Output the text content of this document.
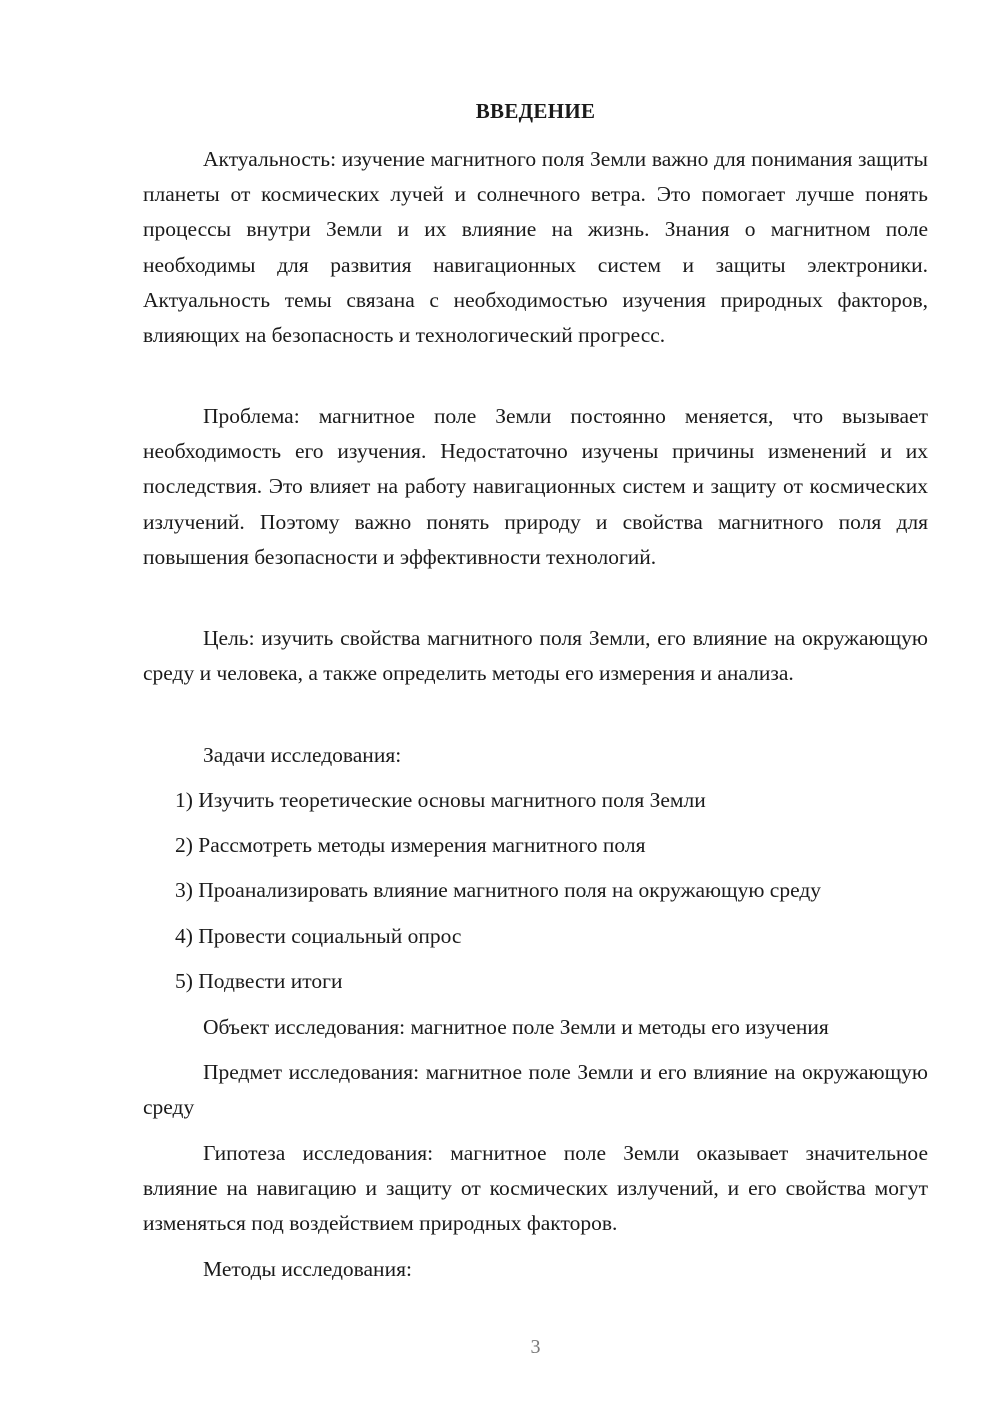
ВВЕДЕНИЕ

Актуальность: изучение магнитного поля Земли важно для понимания защиты планеты от космических лучей и солнечного ветра. Это помогает лучше понять процессы внутри Земли и их влияние на жизнь. Знания о магнитном поле необходимы для развития навигационных систем и защиты электроники. Актуальность темы связана с необходимостью изучения природных факторов, влияющих на безопасность и технологический прогресс.

Проблема: магнитное поле Земли постоянно меняется, что вызывает необходимость его изучения. Недостаточно изучены причины изменений и их последствия. Это влияет на работу навигационных систем и защиту от космических излучений. Поэтому важно понять природу и свойства магнитного поля для повышения безопасности и эффективности технологий.

Цель: изучить свойства магнитного поля Земли, его влияние на окружающую среду и человека, а также определить методы его измерения и анализа.

Задачи исследования:

1) Изучить теоретические основы магнитного поля Земли

2) Рассмотреть методы измерения магнитного поля

3) Проанализировать влияние магнитного поля на окружающую среду

4) Провести социальный опрос

5) Подвести итоги

Объект исследования: магнитное поле Земли и методы его изучения

Предмет исследования: магнитное поле Земли и его влияние на окружающую среду

Гипотеза исследования: магнитное поле Земли оказывает значительное влияние на навигацию и защиту от космических излучений, и его свойства могут изменяться под воздействием природных факторов.

Методы исследования:

3
